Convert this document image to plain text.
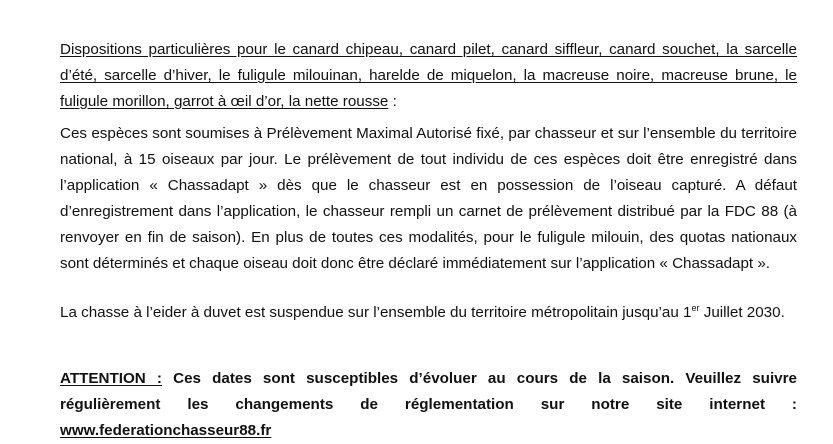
Dispositions particulières pour le canard chipeau, canard pilet, canard siffleur, canard souchet, la sarcelle d’été, sarcelle d’hiver, le fuligule milouinan, harelde de miquelon, la macreuse noire, macreuse brune, le fuligule morillon, garrot à œil d’or, la nette rousse :

Ces espèces sont soumises à Prélèvement Maximal Autorisé fixé, par chasseur et sur l’ensemble du territoire national, à 15 oiseaux par jour. Le prélèvement de tout individu de ces espèces doit être enregistré dans l’application « Chassadapt » dès que le chasseur est en possession de l’oiseau capturé. A défaut d’enregistrement dans l’application, le chasseur rempli un carnet de prélèvement distribué par la FDC 88 (à renvoyer en fin de saison). En plus de toutes ces modalités, pour le fuligule milouin, des quotas nationaux sont déterminés et chaque oiseau doit donc être déclaré immédiatement sur l’application « Chassadapt ».

La chasse à l’eider à duvet est suspendue sur l’ensemble du territoire métropolitain jusqu’au 1er Juillet 2030.

ATTENTION : Ces dates sont susceptibles d’évoluer au cours de la saison. Veuillez suivre régulièrement les changements de réglementation sur notre site internet : www.federationchasseur88.fr
